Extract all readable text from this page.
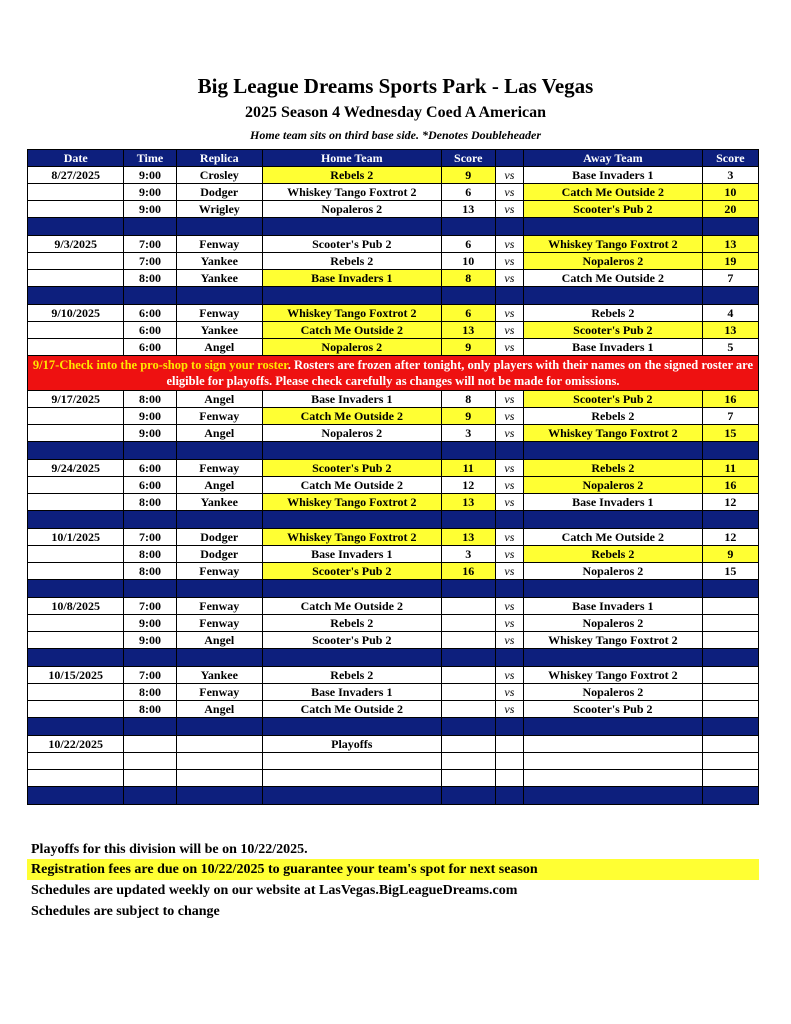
Big League Dreams Sports Park - Las Vegas
2025 Season 4 Wednesday Coed A American
Home team sits on third base side. *Denotes Doubleheader
Date	Time	Replica	Home Team	Score		Away Team	Score
8/27/2025	9:00	Crosley	Rebels 2	9	vs	Base Invaders 1	3
	9:00	Dodger	Whiskey Tango Foxtrot 2	6	vs	Catch Me Outside 2	10
	9:00	Wrigley	Nopaleros 2	13	vs	Scooter's Pub 2	20

9/3/2025	7:00	Fenway	Scooter's Pub 2	6	vs	Whiskey Tango Foxtrot 2	13
	7:00	Yankee	Rebels 2	10	vs	Nopaleros 2	19
	8:00	Yankee	Base Invaders 1	8	vs	Catch Me Outside 2	7

9/10/2025	6:00	Fenway	Whiskey Tango Foxtrot 2	6	vs	Rebels 2	4
	6:00	Yankee	Catch Me Outside 2	13	vs	Scooter's Pub 2	13
	6:00	Angel	Nopaleros 2	9	vs	Base Invaders 1	5
9/17-Check into the pro-shop to sign your roster. Rosters are frozen after tonight, only players with their names on the signed roster are eligible for playoffs. Please check carefully as changes will not be made for omissions.							
9/17/2025	8:00	Angel	Base Invaders 1	8	vs	Scooter's Pub 2	16
	9:00	Fenway	Catch Me Outside 2	9	vs	Rebels 2	7
	9:00	Angel	Nopaleros 2	3	vs	Whiskey Tango Foxtrot 2	15

9/24/2025	6:00	Fenway	Scooter's Pub 2	11	vs	Rebels 2	11
	6:00	Angel	Catch Me Outside 2	12	vs	Nopaleros 2	16
	8:00	Yankee	Whiskey Tango Foxtrot 2	13	vs	Base Invaders 1	12

10/1/2025	7:00	Dodger	Whiskey Tango Foxtrot 2	13	vs	Catch Me Outside 2	12
	8:00	Dodger	Base Invaders 1	3	vs	Rebels 2	9
	8:00	Fenway	Scooter's Pub 2	16	vs	Nopaleros 2	15

10/8/2025	7:00	Fenway	Catch Me Outside 2		vs	Base Invaders 1	
	9:00	Fenway	Rebels 2		vs	Nopaleros 2	
	9:00	Angel	Scooter's Pub 2		vs	Whiskey Tango Foxtrot 2	

10/15/2025	7:00	Yankee	Rebels 2		vs	Whiskey Tango Foxtrot 2	
	8:00	Fenway	Base Invaders 1		vs	Nopaleros 2	
	8:00	Angel	Catch Me Outside 2		vs	Scooter's Pub 2	

10/22/2025			Playoffs				

Playoffs for this division will be on 10/22/2025.
Registration fees are due on 10/22/2025 to guarantee your team's spot for next season
Schedules are updated weekly on our website at LasVegas.BigLeagueDreams.com
Schedules are subject to change
